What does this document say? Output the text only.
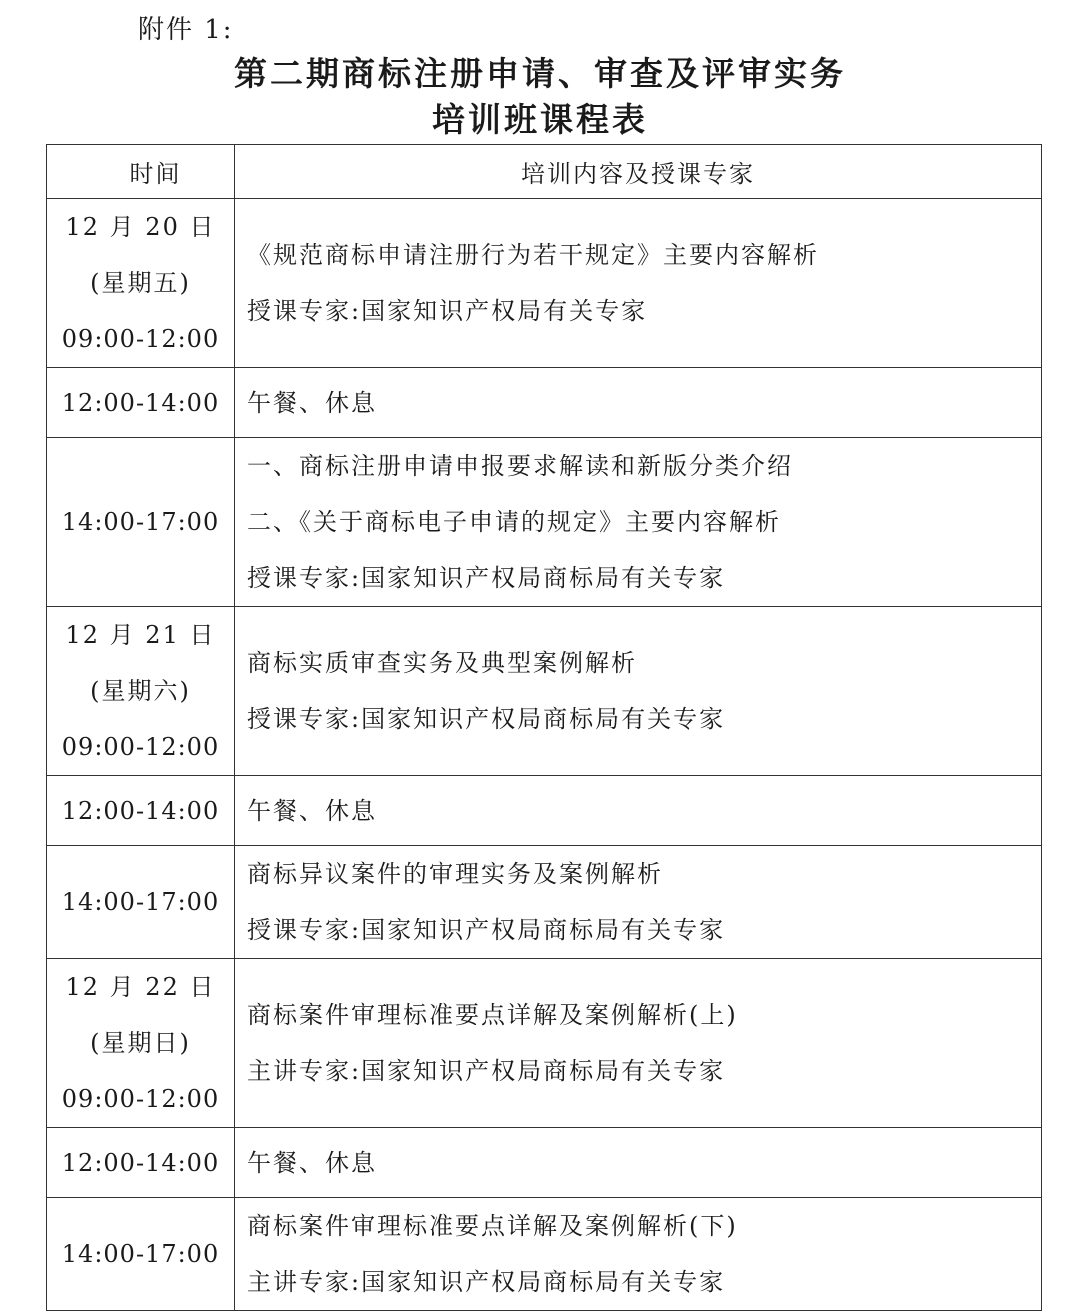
附件 1:
第二期商标注册申请、审查及评审实务
培训班课程表
时间	培训内容及授课专家

12 月 20 日
(星期五)
09:00-12:00	《规范商标申请注册行为若干规定》主要内容解析
授课专家:国家知识产权局有关专家

12:00-14:00	午餐、休息

14:00-17:00	一、商标注册申请申报要求解读和新版分类介绍
二、《关于商标电子申请的规定》主要内容解析
授课专家:国家知识产权局商标局有关专家

12 月 21 日
(星期六)
09:00-12:00	商标实质审查实务及典型案例解析
授课专家:国家知识产权局商标局有关专家

12:00-14:00	午餐、休息

14:00-17:00	商标异议案件的审理实务及案例解析
授课专家:国家知识产权局商标局有关专家

12 月 22 日
(星期日)
09:00-12:00	商标案件审理标准要点详解及案例解析(上)
主讲专家:国家知识产权局商标局有关专家

12:00-14:00	午餐、休息

14:00-17:00	商标案件审理标准要点详解及案例解析(下)
主讲专家:国家知识产权局商标局有关专家
